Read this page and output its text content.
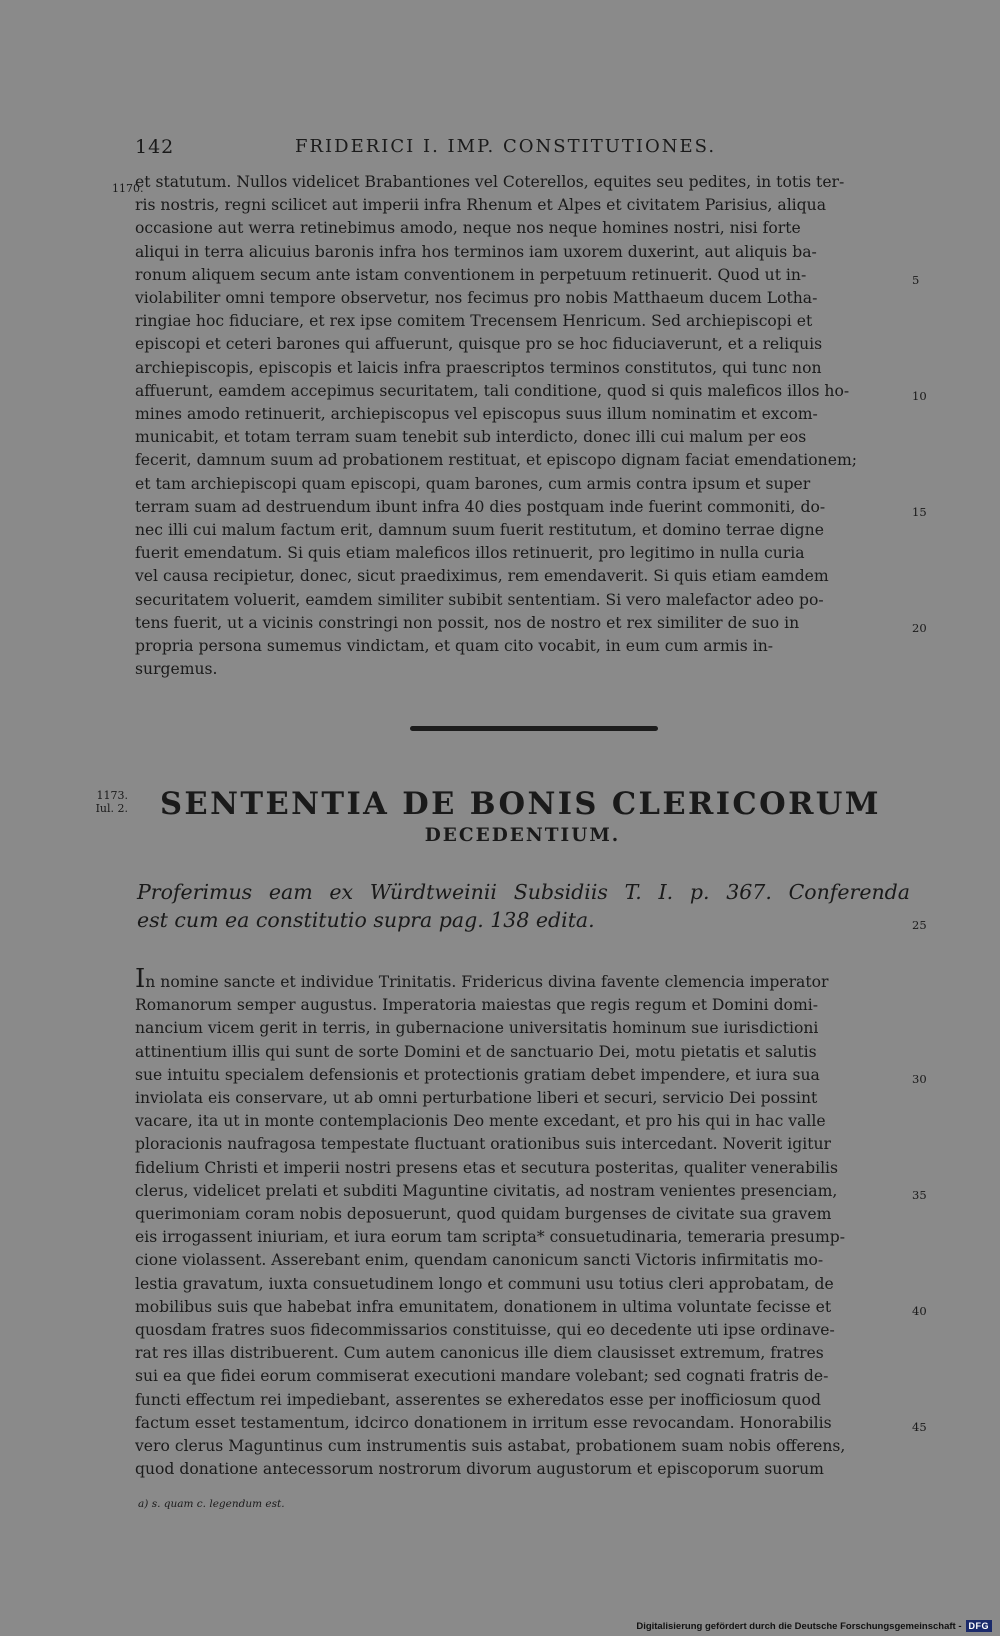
142	FRIDERICI I. IMP. CONSTITUTIONES.
1170.

et statutum. Nullos videlicet Brabantiones vel Coterellos, equites seu pedites, in totis ter-
ris nostris, regni scilicet aut imperii infra Rhenum et Alpes et civitatem Parisius, aliqua
occasione aut werra retinebimus amodo, neque nos neque homines nostri, nisi forte
aliqui in terra alicuius baronis infra hos terminos iam uxorem duxerint, aut aliquis ba-
ronum aliquem secum ante istam conventionem in perpetuum retinuerit. Quod ut in-
violabiliter omni tempore observetur, nos fecimus pro nobis Matthaeum ducem Lotha-
ringiae hoc fiduciare, et rex ipse comitem Trecensem Henricum. Sed archiepiscopi et
episcopi et ceteri barones qui affuerunt, quisque pro se hoc fiduciaverunt, et a reliquis
archiepiscopis, episcopis et laicis infra praescriptos terminos constitutos, qui tunc non
affuerunt, eamdem accepimus securitatem, tali conditione, quod si quis maleficos illos ho-
mines amodo retinuerit, archiepiscopus vel episcopus suus illum nominatim et excom-
municabit, et totam terram suam tenebit sub interdicto, donec illi cui malum per eos
fecerit, damnum suum ad probationem restituat, et episcopo dignam faciat emendationem;
et tam archiepiscopi quam episcopi, quam barones, cum armis contra ipsum et super
terram suam ad destruendum ibunt infra 40 dies postquam inde fuerint commoniti, do-
nec illi cui malum factum erit, damnum suum fuerit restitutum, et domino terrae digne
fuerit emendatum. Si quis etiam maleficos illos retinuerit, pro legitimo in nulla curia
vel causa recipietur, donec, sicut praediximus, rem emendaverit. Si quis etiam eamdem
securitatem voluerit, eamdem similiter subibit sententiam. Si vero malefactor adeo po-
tens fuerit, ut a vicinis constringi non possit, nos de nostro et rex similiter de suo in
propria persona sumemus vindictam, et quam cito vocabit, in eum cum armis in-
surgemus.

5
10
15
20
1173.
Iul. 2. SENTENTIA DE BONIS CLERICORUM
DECEDENTIUM.
Proferimus eam ex Würdtweinii Subsidiis T. I. p. 367. Conferenda
est cum ea constitutio supra pag. 138 edita.	25

In nomine sancte et individue Trinitatis. Fridericus divina favente clemencia imperator
Romanorum semper augustus. Imperatoria maiestas que regis regum et Domini domi-
nancium vicem gerit in terris, in gubernacione universitatis hominum sue iurisdictioni
attinentium illis qui sunt de sorte Domini et de sanctuario Dei, motu pietatis et salutis
sue intuitu specialem defensionis et protectionis gratiam debet impendere, et iura sua
inviolata eis conservare, ut ab omni perturbatione liberi et securi, servicio Dei possint
vacare, ita ut in monte contemplacionis Deo mente excedant, et pro his qui in hac valle
ploracionis naufragosa tempestate fluctuant orationibus suis intercedant. Noverit igitur
fidelium Christi et imperii nostri presens etas et secutura posteritas, qualiter venerabilis
clerus, videlicet prelati et subditi Maguntine civitatis, ad nostram venientes presenciam,
querimoniam coram nobis deposuerunt, quod quidam burgenses de civitate sua gravem
eis irrogassent iniuriam, et iura eorum tam scripta* consuetudinaria, temeraria presump-
cione violassent. Asserebant enim, quendam canonicum sancti Victoris infirmitatis mo-
lestia gravatum, iuxta consuetudinem longo et communi usu totius cleri approbatam, de
mobilibus suis que habebat infra emunitatem, donationem in ultima voluntate fecisse et
quosdam fratres suos fidecommissarios constituisse, qui eo decedente uti ipse ordinave-
rat res illas distribuerent. Cum autem canonicus ille diem clausisset extremum, fratres
sui ea que fidei eorum commiserat executioni mandare volebant; sed cognati fratris de-
functi effectum rei impediebant, asserentes se exheredatos esse per inofficiosum quod
factum esset testamentum, idcirco donationem in irritum esse revocandam. Honorabilis
vero clerus Maguntinus cum instrumentis suis astabat, probationem suam nobis offerens,
quod donatione antecessorum nostrorum divorum augustorum et episcoporum suorum

30
35
40
45
a) s. quam c. legendum est.
Digitalisierung gefördert durch die Deutsche Forschungsgemeinschaft - DFG
